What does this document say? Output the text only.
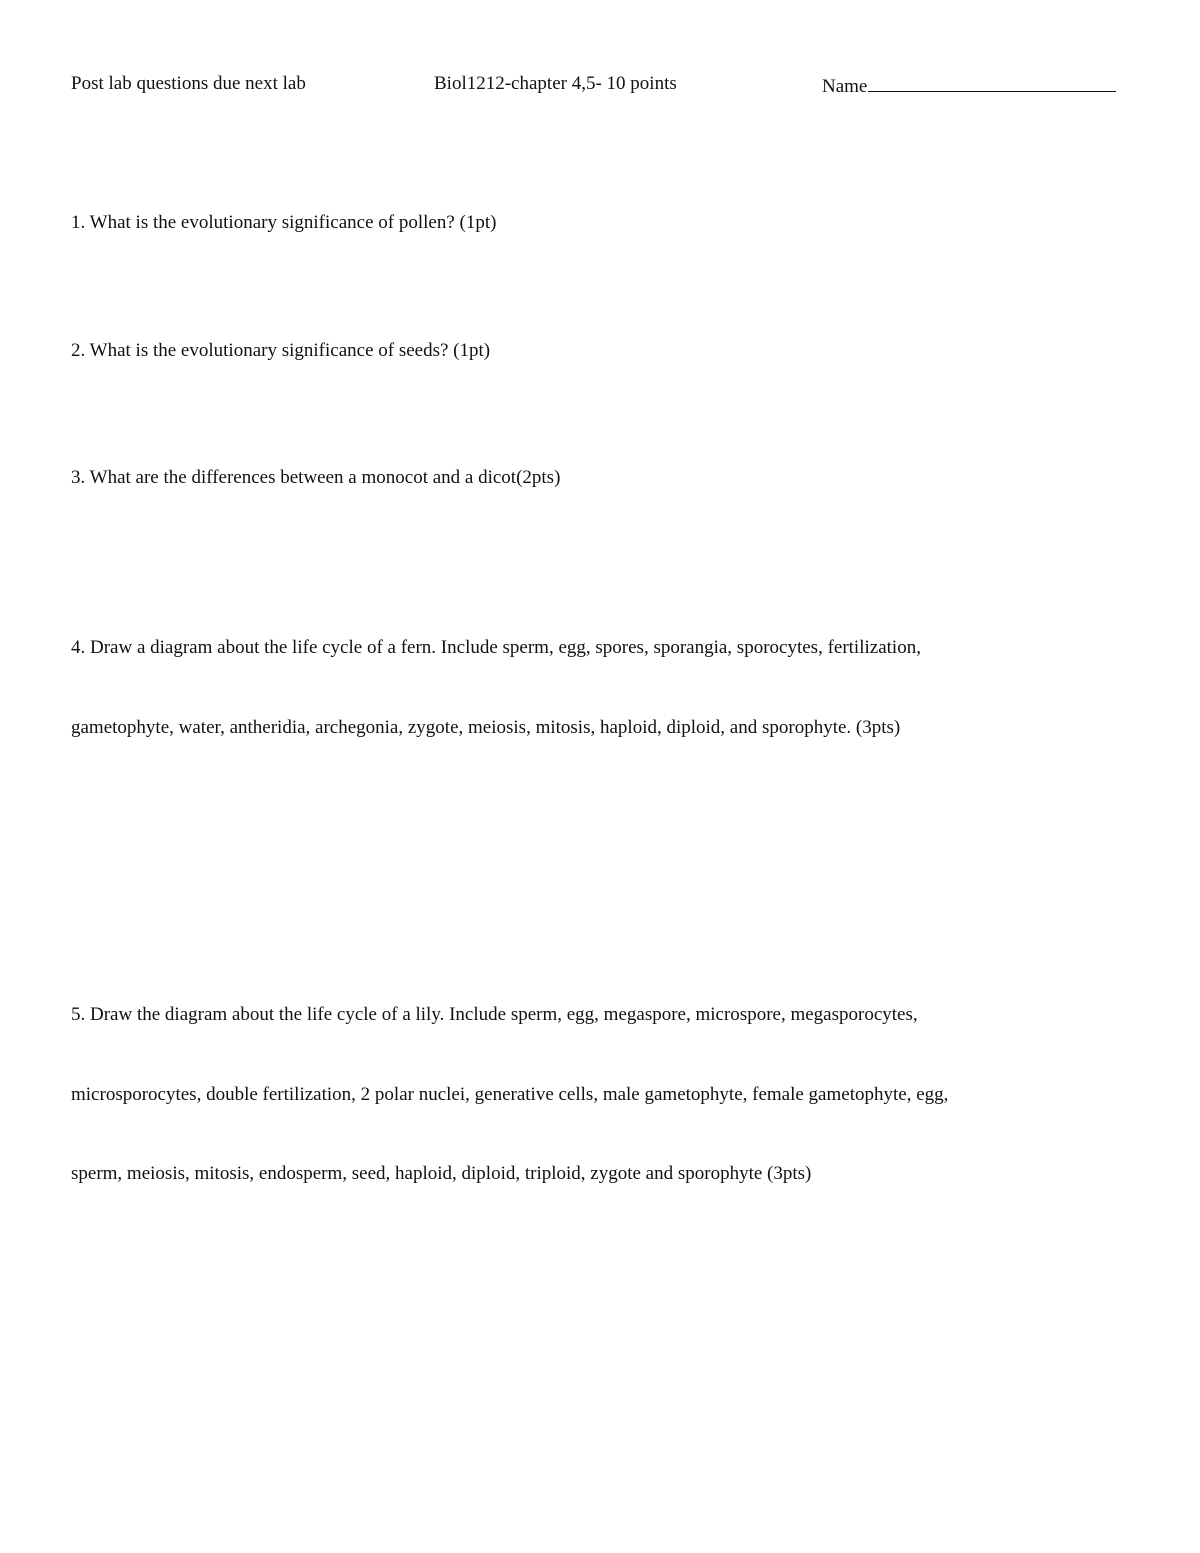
Post lab questions due next lab	Biol1212-chapter 4,5- 10 points	Name

1. What is the evolutionary significance of pollen? (1pt)

2. What is the evolutionary significance of seeds? (1pt)

3. What are the differences between a monocot and a dicot(2pts)

4. Draw a diagram about the life cycle of a fern. Include sperm, egg, spores, sporangia, sporocytes, fertilization,

gametophyte, water, antheridia, archegonia, zygote, meiosis, mitosis, haploid, diploid, and sporophyte. (3pts)

5. Draw the diagram about the life cycle of a lily. Include sperm, egg, megaspore, microspore, megasporocytes,

microsporocytes, double fertilization, 2 polar nuclei, generative cells, male gametophyte, female gametophyte, egg,

sperm, meiosis, mitosis, endosperm, seed, haploid, diploid, triploid, zygote and sporophyte (3pts)
